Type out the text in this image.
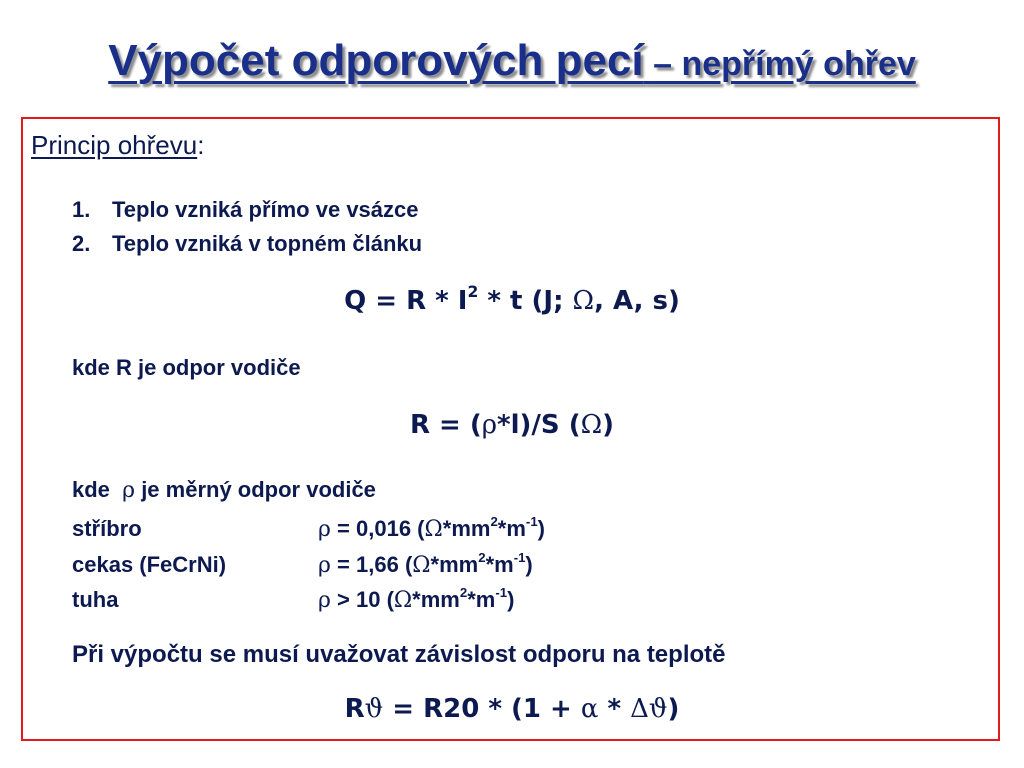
Výpočet odporových pecí – nepřímý ohřev
Princip ohřevu:
1. Teplo vzniká přímo ve vsázce
2. Teplo vzniká v topném článku
$Q = R * I^2 * t$ (J; Ω, A, s)
kde R je odpor vodiče
R = (ρ*l)/S (Ω)
kde  ρ je měrný odpor vodiče
stříbro	ρ = 0,016 $(\Omega*mm^2*m^{-1})$
cekas (FeCrNi)	ρ = 1,66 $(\Omega*mm^2*m^{-1})$
tuha	ρ > 10 $(\Omega*mm^2*m^{-1})$
Při výpočtu se musí uvažovat závislost odporu na teplotě
Rϑ = R20 * (1 + α * Δϑ)
